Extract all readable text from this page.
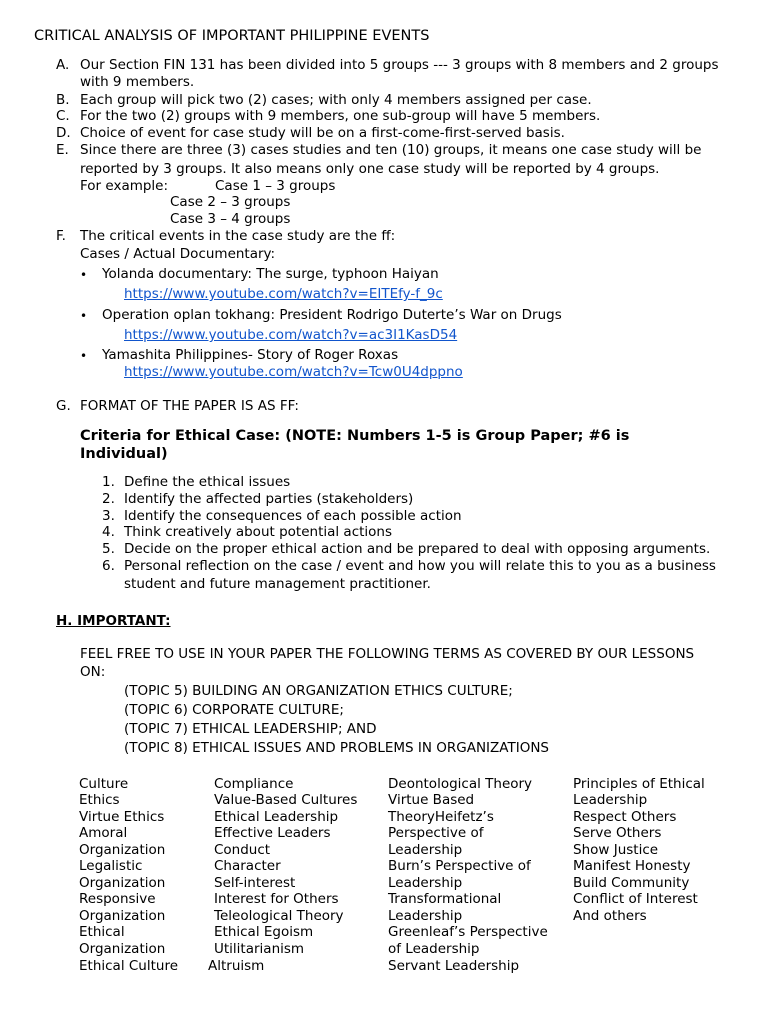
CRITICAL ANALYSIS OF IMPORTANT PHILIPPINE EVENTS
A. Our Section FIN 131 has been divided into 5 groups --- 3 groups with 8 members and 2 groups
with 9 members.
B. Each group will pick two (2) cases; with only 4 members assigned per case.
C. For the two (2) groups with 9 members, one sub-group will have 5 members.
D. Choice of event for case study will be on a first-come-first-served basis.
E. Since there are three (3) cases studies and ten (10) groups, it means one case study will be
reported by 3 groups. It also means only one case study will be reported by 4 groups.
For example:	Case 1 – 3 groups
Case 2 – 3 groups
Case 3 – 4 groups
F. The critical events in the case study are the ff:
Cases / Actual Documentary:
• Yolanda documentary: The surge, typhoon Haiyan
https://www.youtube.com/watch?v=EITEfy-f_9c
• Operation oplan tokhang: President Rodrigo Duterte’s War on Drugs
https://www.youtube.com/watch?v=ac3I1KasD54
• Yamashita Philippines- Story of Roger Roxas
https://www.youtube.com/watch?v=Tcw0U4dppno
G. FORMAT OF THE PAPER IS AS FF:
Criteria for Ethical Case: (NOTE: Numbers 1-5 is Group Paper; #6 is
Individual)
1. Define the ethical issues
2. Identify the affected parties (stakeholders)
3. Identify the consequences of each possible action
4. Think creatively about potential actions
5. Decide on the proper ethical action and be prepared to deal with opposing arguments.
6. Personal reflection on the case / event and how you will relate this to you as a business
student and future management practitioner.
H. IMPORTANT:
FEEL FREE TO USE IN YOUR PAPER THE FOLLOWING TERMS AS COVERED BY OUR LESSONS
ON:
(TOPIC 5) BUILDING AN ORGANIZATION ETHICS CULTURE;
(TOPIC 6) CORPORATE CULTURE;
(TOPIC 7) ETHICAL LEADERSHIP; AND
(TOPIC 8) ETHICAL ISSUES AND PROBLEMS IN ORGANIZATIONS
Culture
Ethics
Virtue Ethics
Amoral
Organization
Legalistic
Organization
Responsive
Organization
Ethical
Organization
Ethical Culture
Compliance
Value-Based Cultures
Ethical Leadership
Effective Leaders
Conduct
Character
Self-interest
Interest for Others
Teleological Theory
Ethical Egoism
Utilitarianism
Altruism
Deontological Theory
Virtue Based
TheoryHeifetz’s
Perspective of
Leadership
Burn’s Perspective of
Leadership
Transformational
Leadership
Greenleaf’s Perspective
of Leadership
Servant Leadership
Principles of Ethical
Leadership
Respect Others
Serve Others
Show Justice
Manifest Honesty
Build Community
Conflict of Interest
And others
